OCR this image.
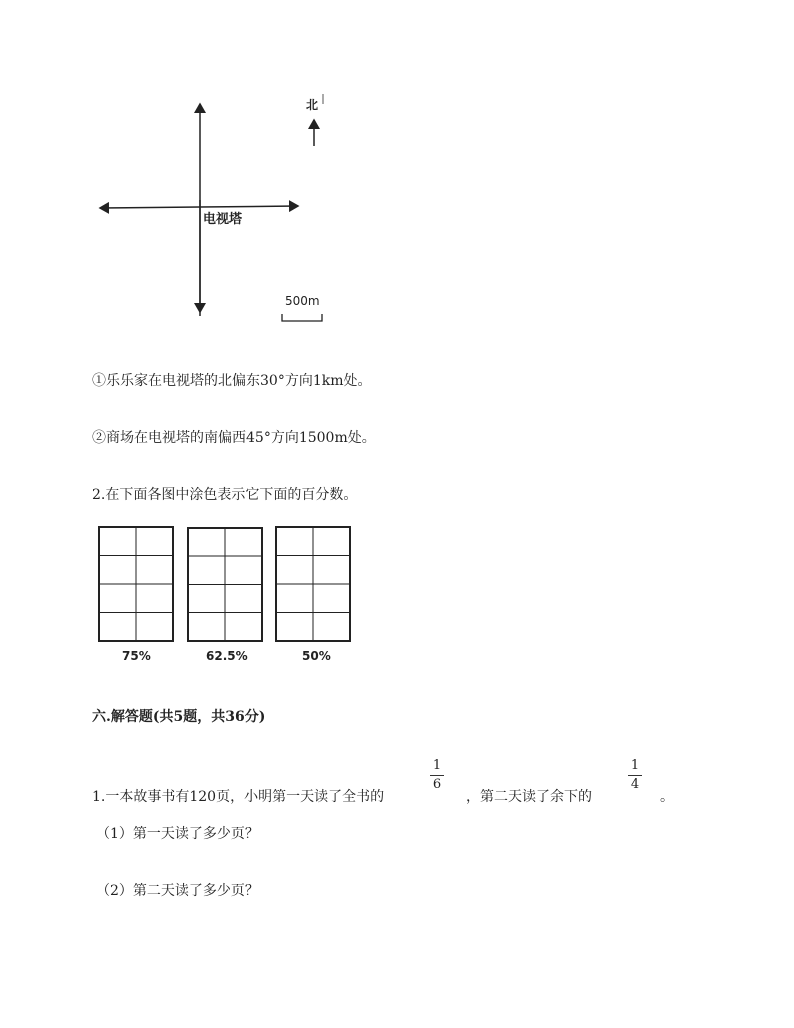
北
电视塔
500m
①乐乐家在电视塔的北偏东30°方向1km处。
②商场在电视塔的南偏西45°方向1500m处。
2.在下面各图中涂色表示它下面的百分数。
75%	62.5%	50%
六.解答题(共5题，共36分)
1.一本故事书有120页，小明第一天读了全书的
1
6
，第二天读了余下的
1
4
。
（1）第一天读了多少页？
（2）第二天读了多少页？
